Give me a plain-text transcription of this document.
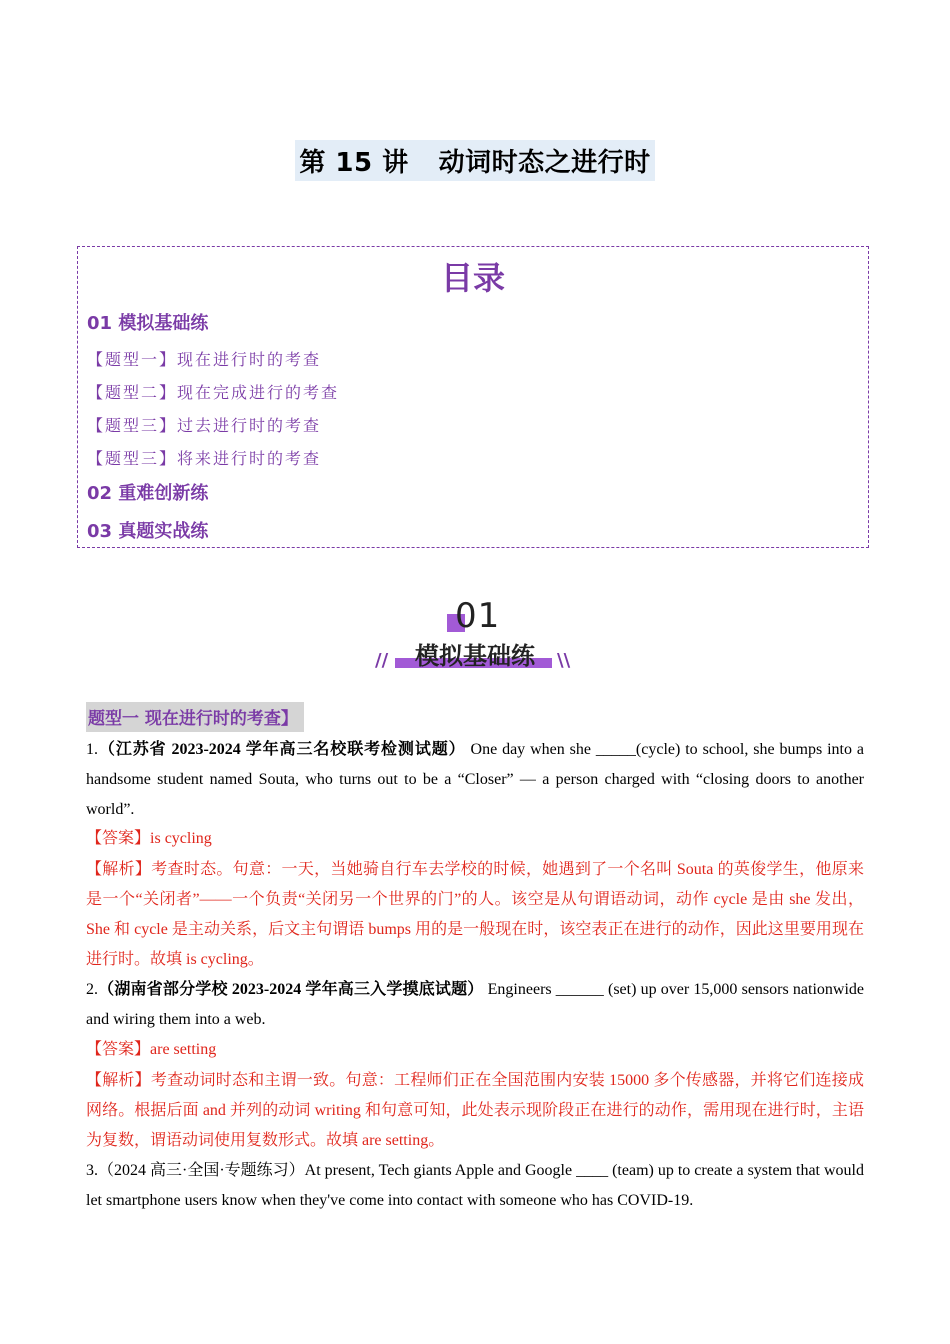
第 15 讲 动词时态之进行时
目录
01 模拟基础练
【题型一】现在进行时的考查
【题型二】现在完成进行的考查
【题型三】过去进行时的考查
【题型三】将来进行时的考查
02 重难创新练
03 真题实战练
01
模拟基础练
//	\\
题型一 现在进行时的考查】
1.（江苏省 2023-2024 学年高三名校联考检测试题） One day when she _____(cycle) to school, she bumps into a handsome student named Souta, who turns out to be a “Closer” — a person charged with “closing doors to another world”.
【答案】is cycling
【解析】考查时态。句意：一天，当她骑自行车去学校的时候，她遇到了一个名叫 Souta 的英俊学生，他原来是一个“关闭者”——一个负责“关闭另一个世界的门”的人。该空是从句谓语动词，动作 cycle 是由 she 发出，She 和 cycle 是主动关系，后文主句谓语 bumps 用的是一般现在时，该空表正在进行的动作，因此这里要用现在进行时。故填 is cycling。
2.（湖南省部分学校 2023-2024 学年高三入学摸底试题） Engineers ______ (set) up over 15,000 sensors nationwide and wiring them into a web.
【答案】are setting
【解析】考查动词时态和主谓一致。句意：工程师们正在全国范围内安装 15000 多个传感器，并将它们连接成网络。根据后面 and 并列的动词 writing 和句意可知，此处表示现阶段正在进行的动作，需用现在进行时，主语为复数，谓语动词使用复数形式。故填 are setting。
3.（2024 高三·全国·专题练习）At present, Tech giants Apple and Google ____ (team) up to create a system that would let smartphone users know when they've come into contact with someone who has COVID-19.
